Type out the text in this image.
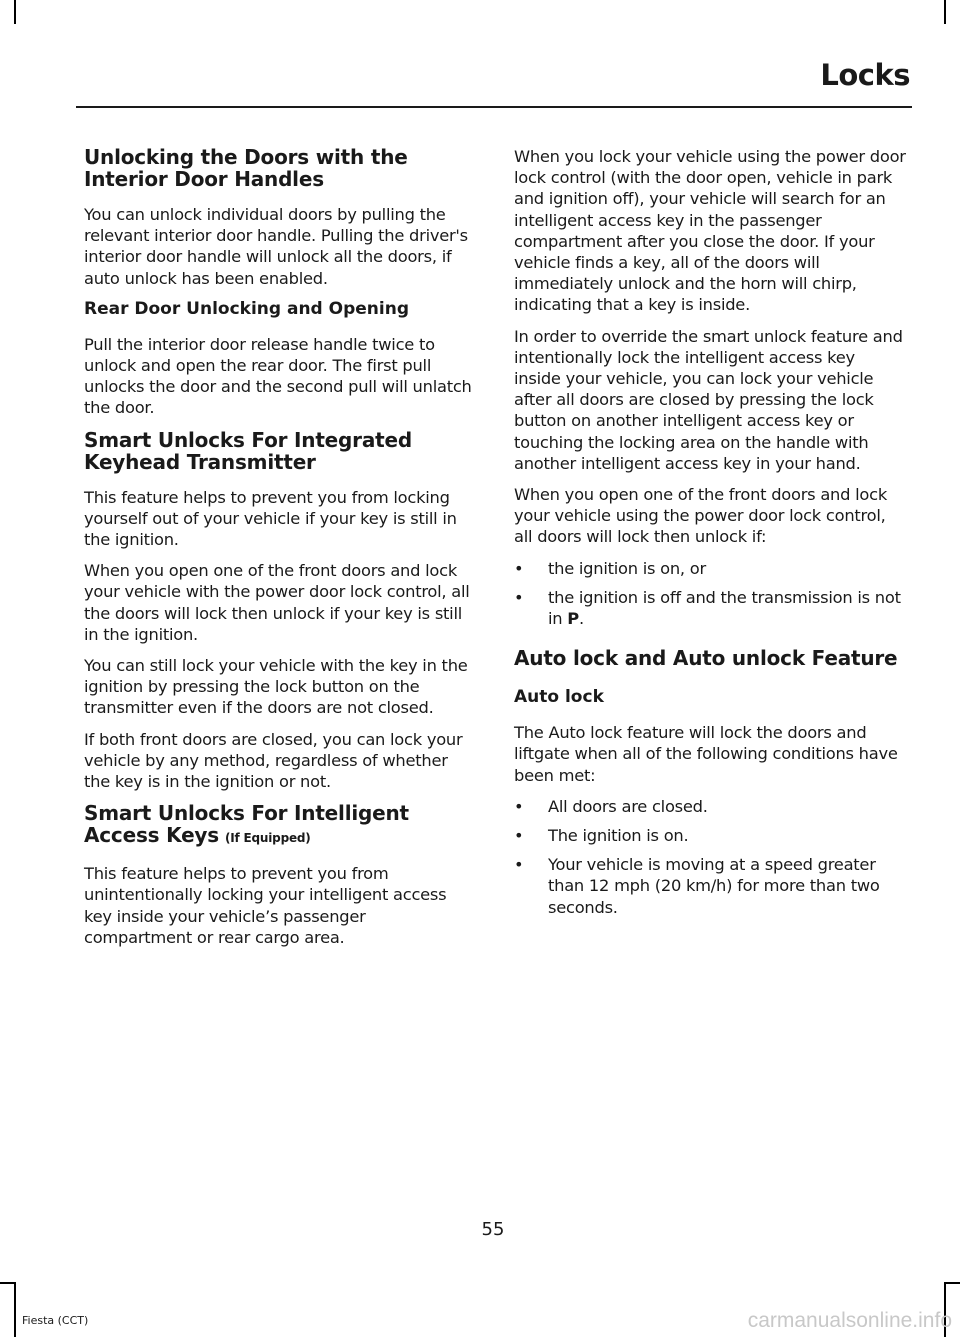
Locks
Unlocking the Doors with the Interior Door Handles

You can unlock individual doors by pulling the relevant interior door handle. Pulling the driver's interior door handle will unlock all the doors, if auto unlock has been enabled.

Rear Door Unlocking and Opening

Pull the interior door release handle twice to unlock and open the rear door. The first pull unlocks the door and the second pull will unlatch the door.

Smart Unlocks For Integrated Keyhead Transmitter

This feature helps to prevent you from locking yourself out of your vehicle if your key is still in the ignition.

When you open one of the front doors and lock your vehicle with the power door lock control, all the doors will lock then unlock if your key is still in the ignition.

You can still lock your vehicle with the key in the ignition by pressing the lock button on the transmitter even if the doors are not closed.

If both front doors are closed, you can lock your vehicle by any method, regardless of whether the key is in the ignition or not.

Smart Unlocks For Intelligent Access Keys (If Equipped)

This feature helps to prevent you from unintentionally locking your intelligent access key inside your vehicle’s passenger compartment or rear cargo area.

When you lock your vehicle using the power door lock control (with the door open, vehicle in park and ignition off), your vehicle will search for an intelligent access key in the passenger compartment after you close the door. If your vehicle finds a key, all of the doors will immediately unlock and the horn will chirp, indicating that a key is inside.

In order to override the smart unlock feature and intentionally lock the intelligent access key inside your vehicle, you can lock your vehicle after all doors are closed by pressing the lock button on another intelligent access key or touching the locking area on the handle with another intelligent access key in your hand.

When you open one of the front doors and lock your vehicle using the power door lock control, all doors will lock then unlock if:

• the ignition is on, or
• the ignition is off and the transmission is not in P.
Auto lock and Auto unlock Feature
Auto lock

The Auto lock feature will lock the doors and liftgate when all of the following conditions have been met:

• All doors are closed.
• The ignition is on.
• Your vehicle is moving at a speed greater than 12 mph (20 km/h) for more than two seconds.
55
Fiesta (CCT)	carmanualsonline.info
